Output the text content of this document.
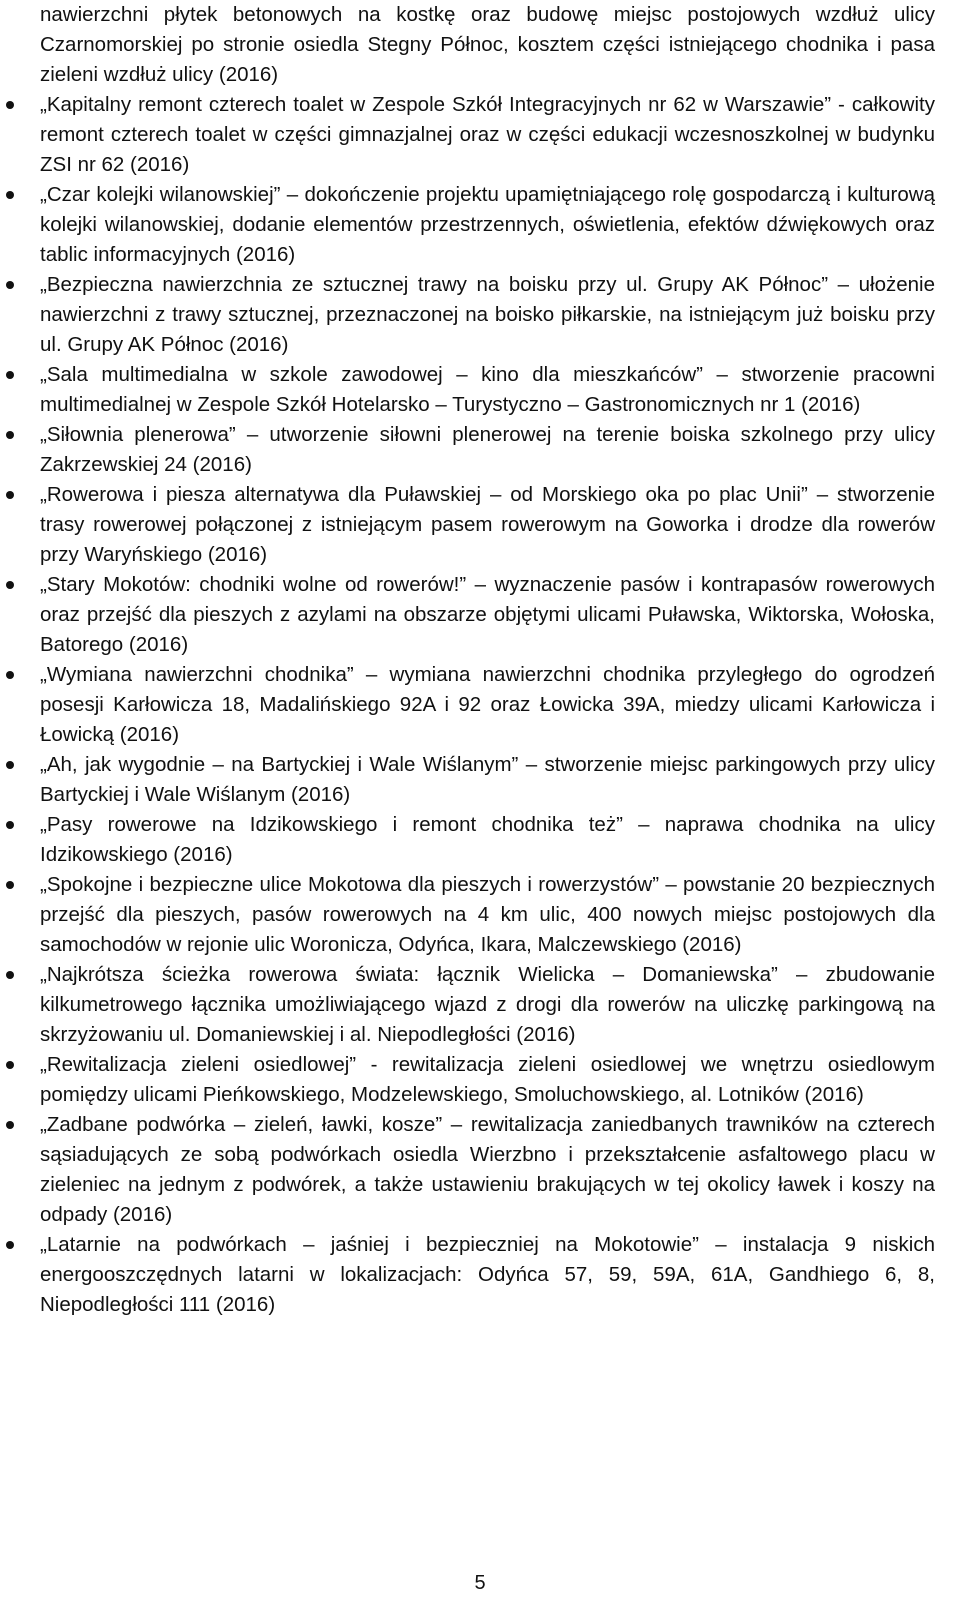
nawierzchni płytek betonowych na kostkę oraz budowę miejsc postojowych wzdłuż ulicy Czarnomorskiej po stronie osiedla Stegny Północ, kosztem części istniejącego chodnika i pasa zieleni wzdłuż ulicy (2016)

„Kapitalny remont czterech toalet w Zespole Szkół Integracyjnych nr 62 w Warszawie” - całkowity remont czterech toalet w części gimnazjalnej oraz w części edukacji wczesnoszkolnej w budynku ZSI nr 62 (2016)
„Czar kolejki wilanowskiej” – dokończenie projektu upamiętniającego rolę gospodarczą i kulturową kolejki wilanowskiej, dodanie elementów przestrzennych, oświetlenia, efektów dźwiękowych oraz tablic informacyjnych (2016)
„Bezpieczna nawierzchnia ze sztucznej trawy na boisku przy ul. Grupy AK Północ” – ułożenie nawierzchni z trawy sztucznej, przeznaczonej na boisko piłkarskie, na istniejącym już boisku przy ul. Grupy AK Północ (2016)
„Sala multimedialna w szkole zawodowej – kino dla mieszkańców” – stworzenie pracowni multimedialnej w Zespole Szkół Hotelarsko – Turystyczno – Gastronomicznych nr 1 (2016)
„Siłownia plenerowa” – utworzenie siłowni plenerowej na terenie boiska szkolnego przy ulicy Zakrzewskiej 24 (2016)
„Rowerowa i piesza alternatywa dla Puławskiej – od Morskiego oka po plac Unii” – stworzenie trasy rowerowej połączonej z istniejącym pasem rowerowym na Goworka i drodze dla rowerów przy Waryńskiego (2016)
„Stary Mokotów: chodniki wolne od rowerów!” – wyznaczenie pasów i kontrapasów rowerowych oraz przejść dla pieszych z azylami na obszarze objętymi ulicami Puławska, Wiktorska, Wołoska, Batorego (2016)
„Wymiana nawierzchni chodnika” – wymiana nawierzchni chodnika przyległego do ogrodzeń posesji Karłowicza 18, Madalińskiego 92A i 92 oraz Łowicka 39A, miedzy ulicami Karłowicza i Łowicką (2016)
„Ah, jak wygodnie – na Bartyckiej i Wale Wiślanym” – stworzenie miejsc parkingowych przy ulicy Bartyckiej i Wale Wiślanym (2016)
„Pasy rowerowe na Idzikowskiego i remont chodnika też” – naprawa chodnika na ulicy Idzikowskiego (2016)
„Spokojne i bezpieczne ulice Mokotowa dla pieszych i rowerzystów” – powstanie 20 bezpiecznych przejść dla pieszych, pasów rowerowych na 4 km ulic, 400 nowych miejsc postojowych dla samochodów w rejonie ulic Woronicza, Odyńca, Ikara, Malczewskiego (2016)
„Najkrótsza ścieżka rowerowa świata: łącznik Wielicka – Domaniewska” – zbudowanie kilkumetrowego łącznika umożliwiającego wjazd z drogi dla rowerów na uliczkę parkingową na skrzyżowaniu ul. Domaniewskiej i al. Niepodległości (2016)
„Rewitalizacja zieleni osiedlowej” - rewitalizacja zieleni osiedlowej we wnętrzu osiedlowym pomiędzy ulicami Pieńkowskiego, Modzelewskiego, Smoluchowskiego, al. Lotników (2016)
„Zadbane podwórka – zieleń, ławki, kosze” – rewitalizacja zaniedbanych trawników na czterech sąsiadujących ze sobą podwórkach osiedla Wierzbno i przekształcenie asfaltowego placu w zieleniec na jednym z podwórek, a także ustawieniu brakujących w tej okolicy ławek i koszy na odpady (2016)
„Latarnie na podwórkach – jaśniej i bezpieczniej na Mokotowie” – instalacja 9 niskich energooszczędnych latarni w lokalizacjach: Odyńca 57, 59, 59A, 61A, Gandhiego 6, 8, Niepodległości 111 (2016)
5
